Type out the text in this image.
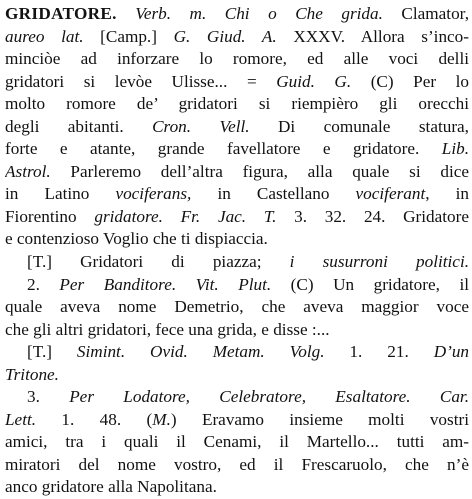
GRIDATORE. Verb. m. Chi o Che grida. Clamator,
aureo lat. [Camp.] G. Giud. A. XXXV. Allora s’inco-
minciòe ad inforzare lo romore, ed alle voci delli
gridatori si levòe Ulisse... = Guid. G. (C) Per lo
molto romore de’ gridatori si riempièro gli orecchi
degli abitanti. Cron. Vell. Di comunale statura,
forte e atante, grande favellatore e gridatore. Lib.
Astrol. Parleremo dell’altra figura, alla quale si dice
in Latino vociferans, in Castellano vociferant, in
Fiorentino gridatore. Fr. Jac. T. 3. 32. 24. Gridatore
e contenzioso Voglio che ti dispiaccia.
[T.] Gridatori di piazza; i susurroni politici.
2. Per Banditore. Vit. Plut. (C) Un gridatore, il
quale aveva nome Demetrio, che aveva maggior voce
che gli altri gridatori, fece una grida, e disse :...
[T.] Simint. Ovid. Metam. Volg. 1. 21. D’un
Tritone.
3. Per Lodatore, Celebratore, Esaltatore. Car.
Lett. 1. 48. (M.) Eravamo insieme molti vostri
amici, tra i quali il Cenami, il Martello... tutti am-
miratori del nome vostro, ed il Frescaruolo, che n’è
anco gridatore alla Napolitana.
